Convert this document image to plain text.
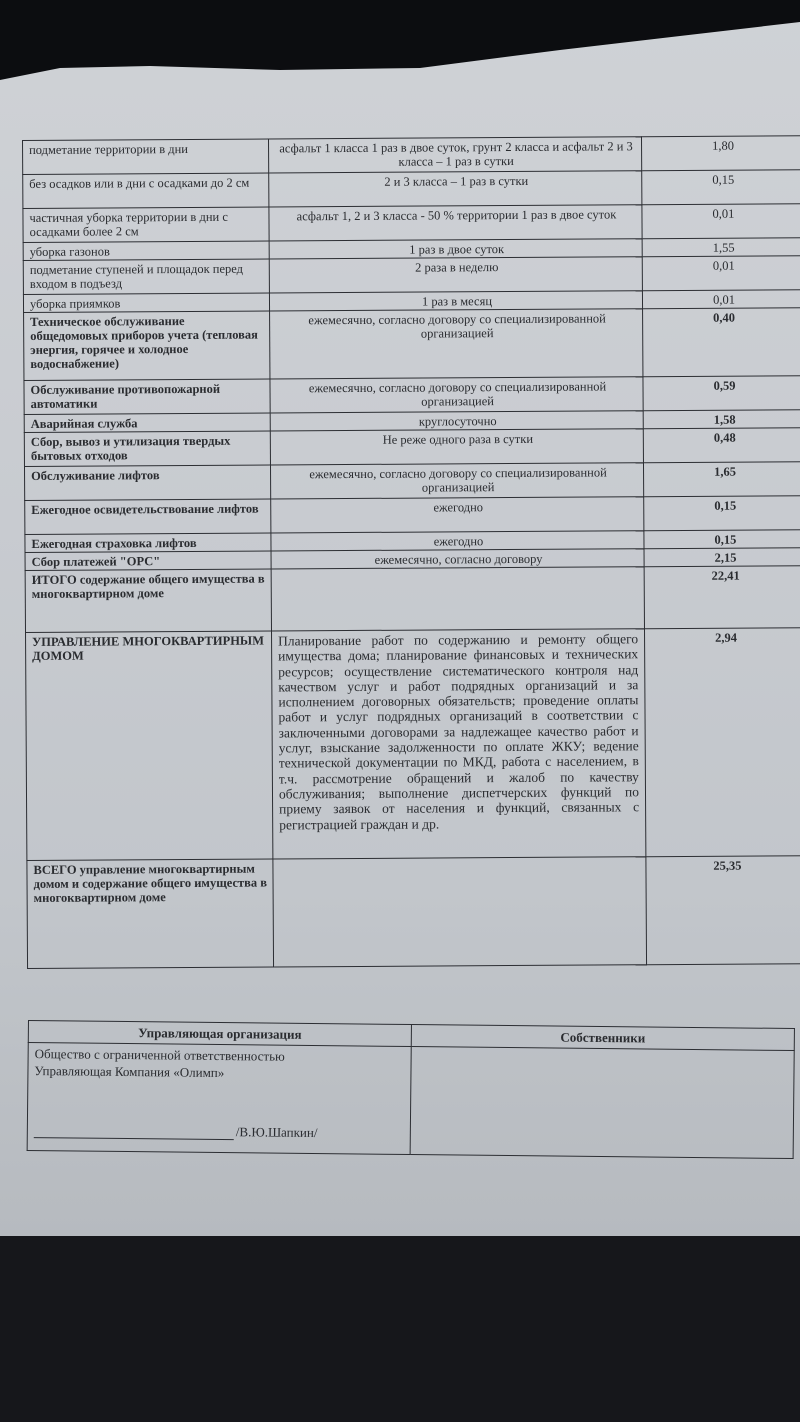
подметание территории в дни	асфальт 1 класса 1 раз в двое суток, грунт 2 класса и асфальт 2 и 3 класса – 1 раз в сутки	1,80
без осадков или в дни с осадками до 2 см	2 и 3 класса – 1 раз в сутки	0,15
частичная уборка территории в дни с осадками более 2 см	асфальт 1, 2 и 3 класса - 50 % территории 1 раз в двое суток	0,01
уборка газонов	1 раз в двое суток	1,55
подметание ступеней и площадок перед входом в подъезд	2 раза в неделю	0,01
уборка приямков	1 раз в месяц	0,01
Техническое обслуживание общедомовых приборов учета (тепловая энергия, горячее и холодное водоснабжение)	ежемесячно, согласно договору со специализированной организацией	0,40
Обслуживание противопожарной автоматики	ежемесячно, согласно договору со специализированной организацией	0,59
Аварийная служба	круглосуточно	1,58
Сбор, вывоз и утилизация твердых бытовых отходов	Не реже одного раза в сутки	0,48
Обслуживание лифтов	ежемесячно, согласно договору со специализированной организацией	1,65
Ежегодное освидетельствование лифтов	ежегодно	0,15
Ежегодная страховка лифтов	ежегодно	0,15
Сбор платежей "ОРС"	ежемесячно, согласно договору	2,15
ИТОГО содержание общего имущества в многоквартирном доме		22,41
УПРАВЛЕНИЕ МНОГОКВАРТИРНЫМ ДОМОМ	Планирование работ по содержанию и ремонту общего имущества дома; планирование финансовых и технических ресурсов; осуществление систематического контроля над качеством услуг и работ подрядных организаций и за исполнением договорных обязательств; проведение оплаты работ и услуг подрядных организаций в соответствии с заключенными договорами за надлежащее качество работ и услуг, взыскание задолженности по оплате ЖКУ; ведение технической документации по МКД, работа с населением, в т.ч. рассмотрение обращений и жалоб по качеству обслуживания; выполнение диспетчерских функций по приему заявок от населения и функций, связанных с регистрацией граждан и др.	2,94
ВСЕГО управление многоквартирным домом и содержание общего имущества в многоквартирном доме		25,35
Управляющая организация	Собственники

Общество с ограниченной ответственностью
Управляющая Компания «Олимп»
/В.Ю.Шапкин/	
